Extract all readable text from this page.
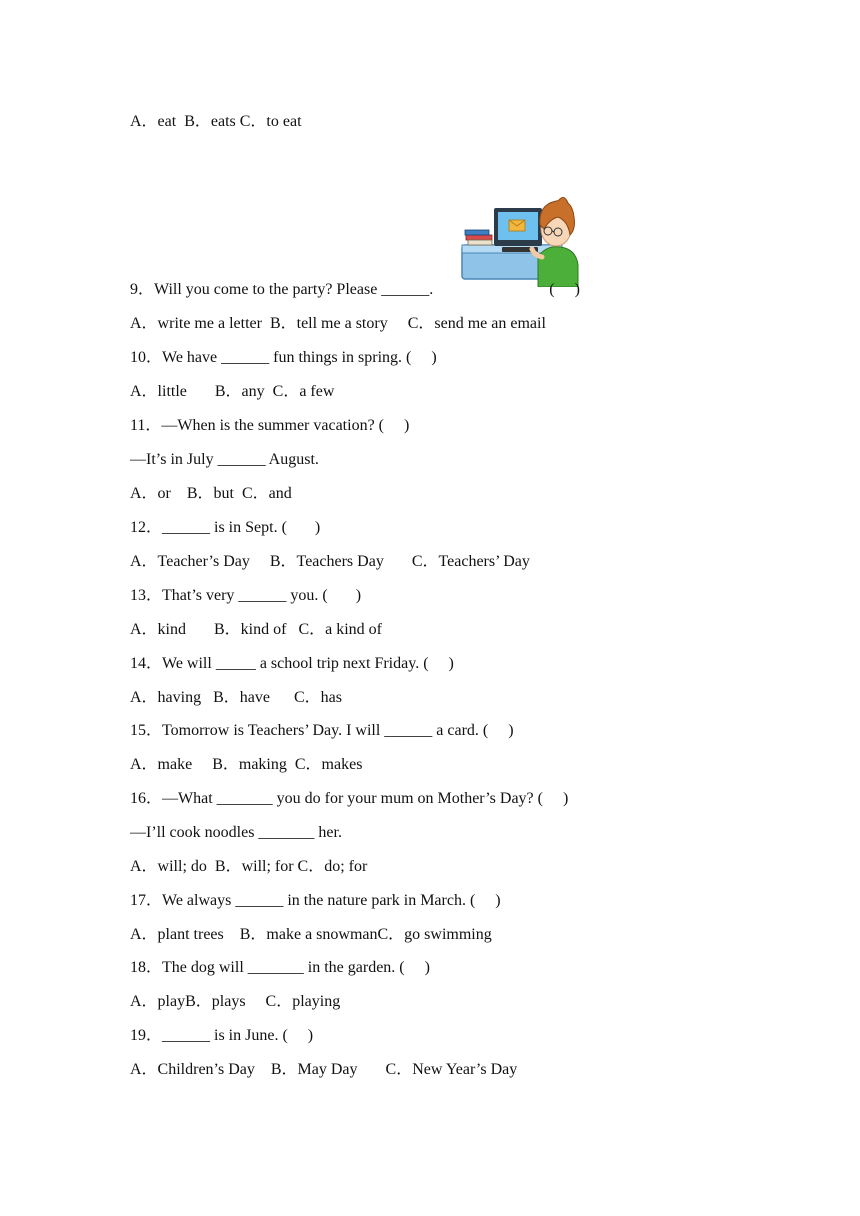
A．eat  B．eats C．to eat
9．Will you come to the party? Please ______.                             (     )
A．write me a letter  B．tell me a story     C．send me an email
10．We have ______ fun things in spring. (     )
A．little       B．any  C．a few
11．—When is the summer vacation? (     )
—It’s in July ______ August.
A．or    B．but  C．and
12．______ is in Sept. (       )
A．Teacher’s Day     B．Teachers Day       C．Teachers’ Day
13．That’s very ______ you. (       )
A．kind       B．kind of   C．a kind of
14．We will _____ a school trip next Friday. (     )
A．having   B．have      C．has
15．Tomorrow is Teachers’ Day. I will ______ a card. (     )
A．make     B．making  C．makes
16．—What _______ you do for your mum on Mother’s Day? (     )
—I’ll cook noodles _______ her.
A．will; do  B．will; for C．do; for
17．We always ______ in the nature park in March. (     )
A．plant trees    B．make a snowmanC．go swimming
18．The dog will _______ in the garden. (     )
A．playB．plays     C．playing
19．______ is in June. (     )
A．Children’s Day    B．May Day       C．New Year’s Day
